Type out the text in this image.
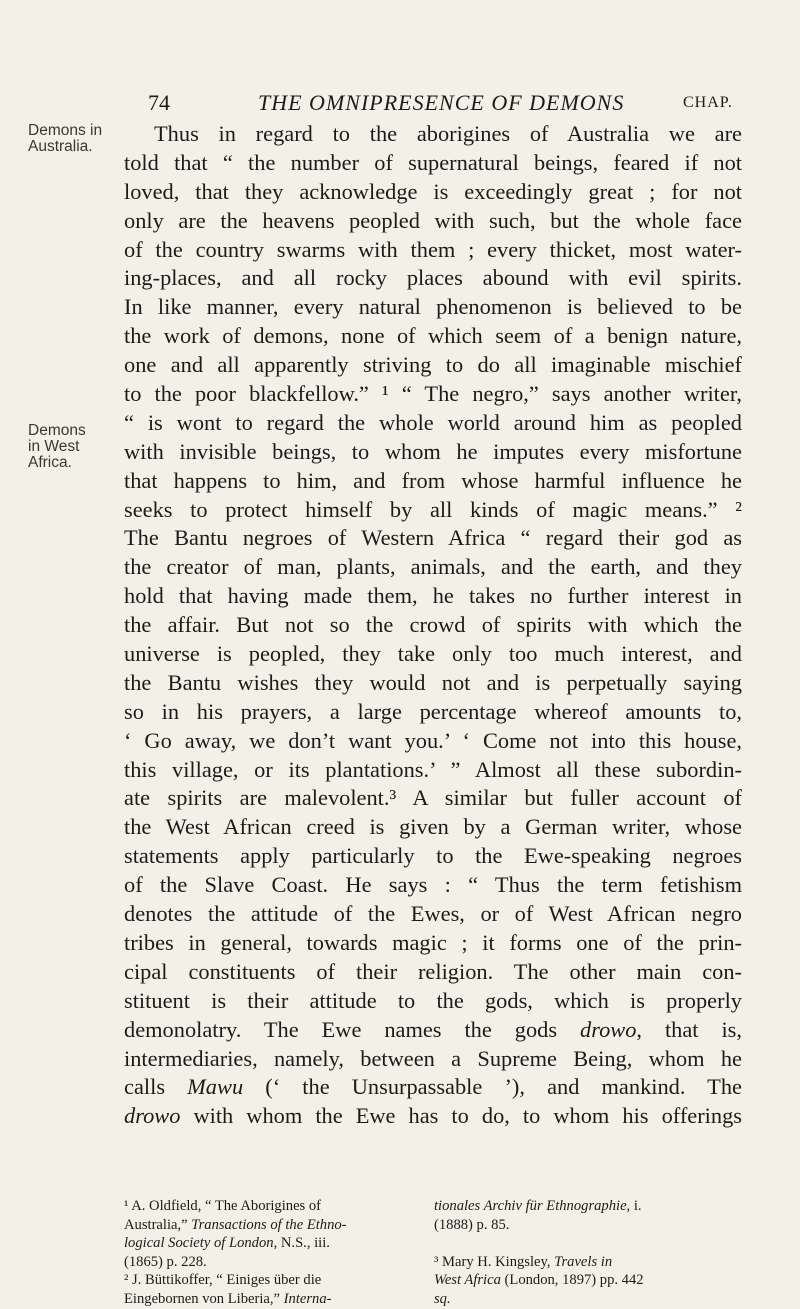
74	THE OMNIPRESENCE OF DEMONS	CHAP.
Demons in
Australia.
Demons
in West
Africa.
Thus in regard to the aborigines of Australia we are
told that “ the number of supernatural beings, feared if not
loved, that they acknowledge is exceedingly great ; for not
only are the heavens peopled with such, but the whole face
of the country swarms with them ; every thicket, most water-
ing-places, and all rocky places abound with evil spirits.
In like manner, every natural phenomenon is believed to be
the work of demons, none of which seem of a benign nature,
one and all apparently striving to do all imaginable mischief
to the poor blackfellow.” ¹ “ The negro,” says another writer,
“ is wont to regard the whole world around him as peopled
with invisible beings, to whom he imputes every misfortune
that happens to him, and from whose harmful influence he
seeks to protect himself by all kinds of magic means.” ²
The Bantu negroes of Western Africa “ regard their god as
the creator of man, plants, animals, and the earth, and they
hold that having made them, he takes no further interest in
the affair. But not so the crowd of spirits with which the
universe is peopled, they take only too much interest, and
the Bantu wishes they would not and is perpetually saying
so in his prayers, a large percentage whereof amounts to,
‘ Go away, we don’t want you.’ ‘ Come not into this house,
this village, or its plantations.’ ” Almost all these subordin-
ate spirits are malevolent.³ A similar but fuller account of
the West African creed is given by a German writer, whose
statements apply particularly to the Ewe-speaking negroes
of the Slave Coast. He says : “ Thus the term fetishism
denotes the attitude of the Ewes, or of West African negro
tribes in general, towards magic ; it forms one of the prin-
cipal constituents of their religion. The other main con-
stituent is their attitude to the gods, which is properly
demonolatry. The Ewe names the gods drowo, that is,
intermediaries, namely, between a Supreme Being, whom he
calls Mawu (‘ the Unsurpassable ’), and mankind. The
drowo with whom the Ewe has to do, to whom his offerings
¹ A. Oldfield, “ The Aborigines of
Australia,” Transactions of the Ethno-
logical Society of London, N.S., iii.
(1865) p. 228.
² J. Büttikoffer, “ Einiges über die
Eingebornen von Liberia,” Interna-
tionales Archiv für Ethnographie, i.
(1888) p. 85.
³ Mary H. Kingsley, Travels in
West Africa (London, 1897) pp. 442
sq.
